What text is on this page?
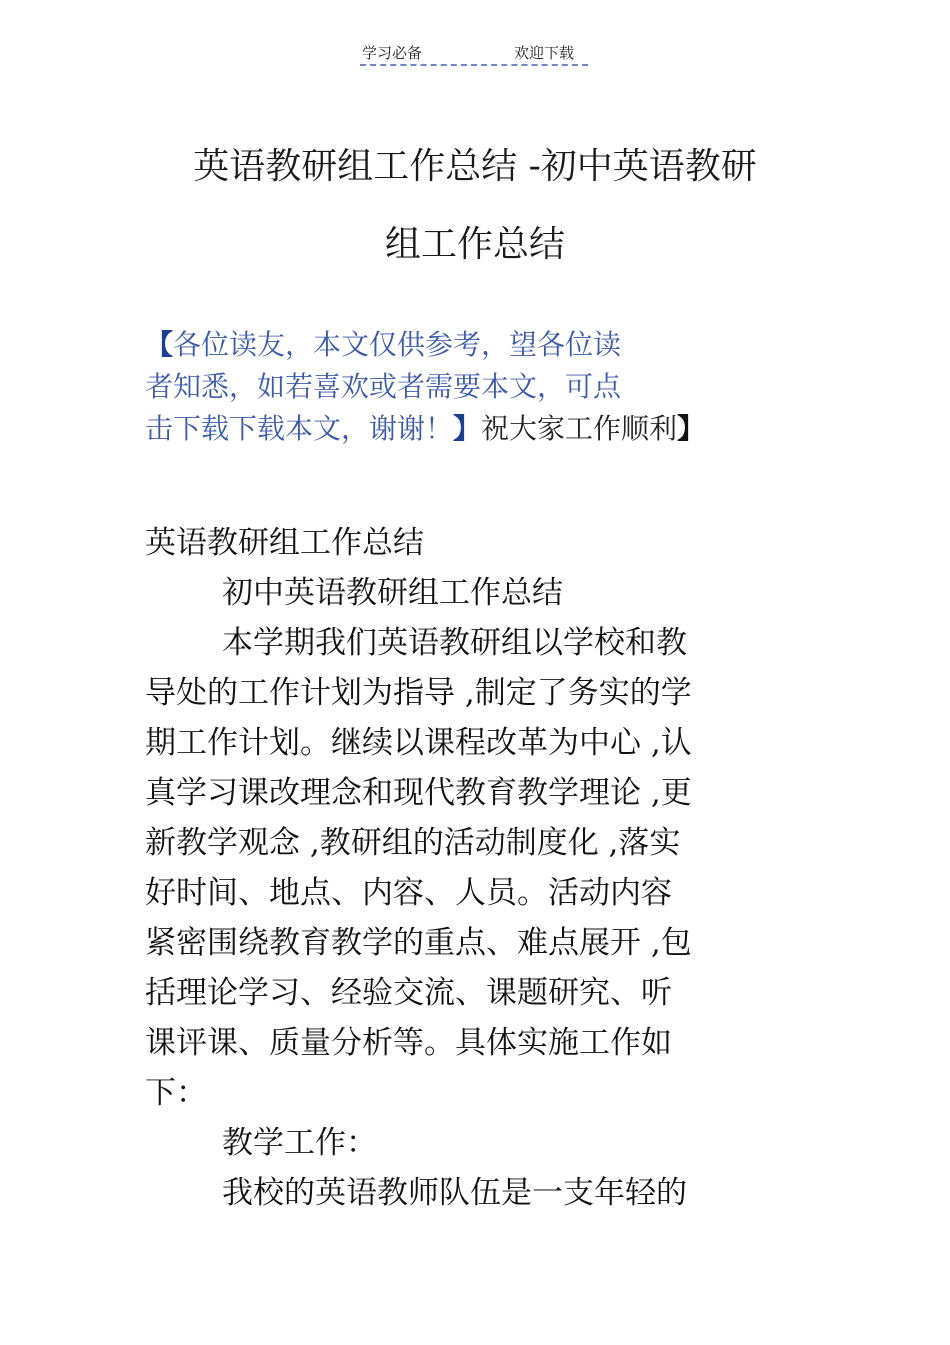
学习必备	欢迎下载
英语教研组工作总结 -初中英语教研
组工作总结
【各位读友，本文仅供参考，望各位读
者知悉，如若喜欢或者需要本文，可点
击下载下载本文，谢谢！】祝大家工作顺利】
英语教研组工作总结
初中英语教研组工作总结
本学期我们英语教研组以学校和教
导处的工作计划为指导 ,制定了务实的学
期工作计划。继续以课程改革为中心 ,认
真学习课改理念和现代教育教学理论 ,更
新教学观念 ,教研组的活动制度化 ,落实
好时间、地点、内容、人员。活动内容
紧密围绕教育教学的重点、难点展开 ,包
括理论学习、经验交流、课题研究、听
课评课、质量分析等。具体实施工作如
下：
教学工作：
我校的英语教师队伍是一支年轻的
